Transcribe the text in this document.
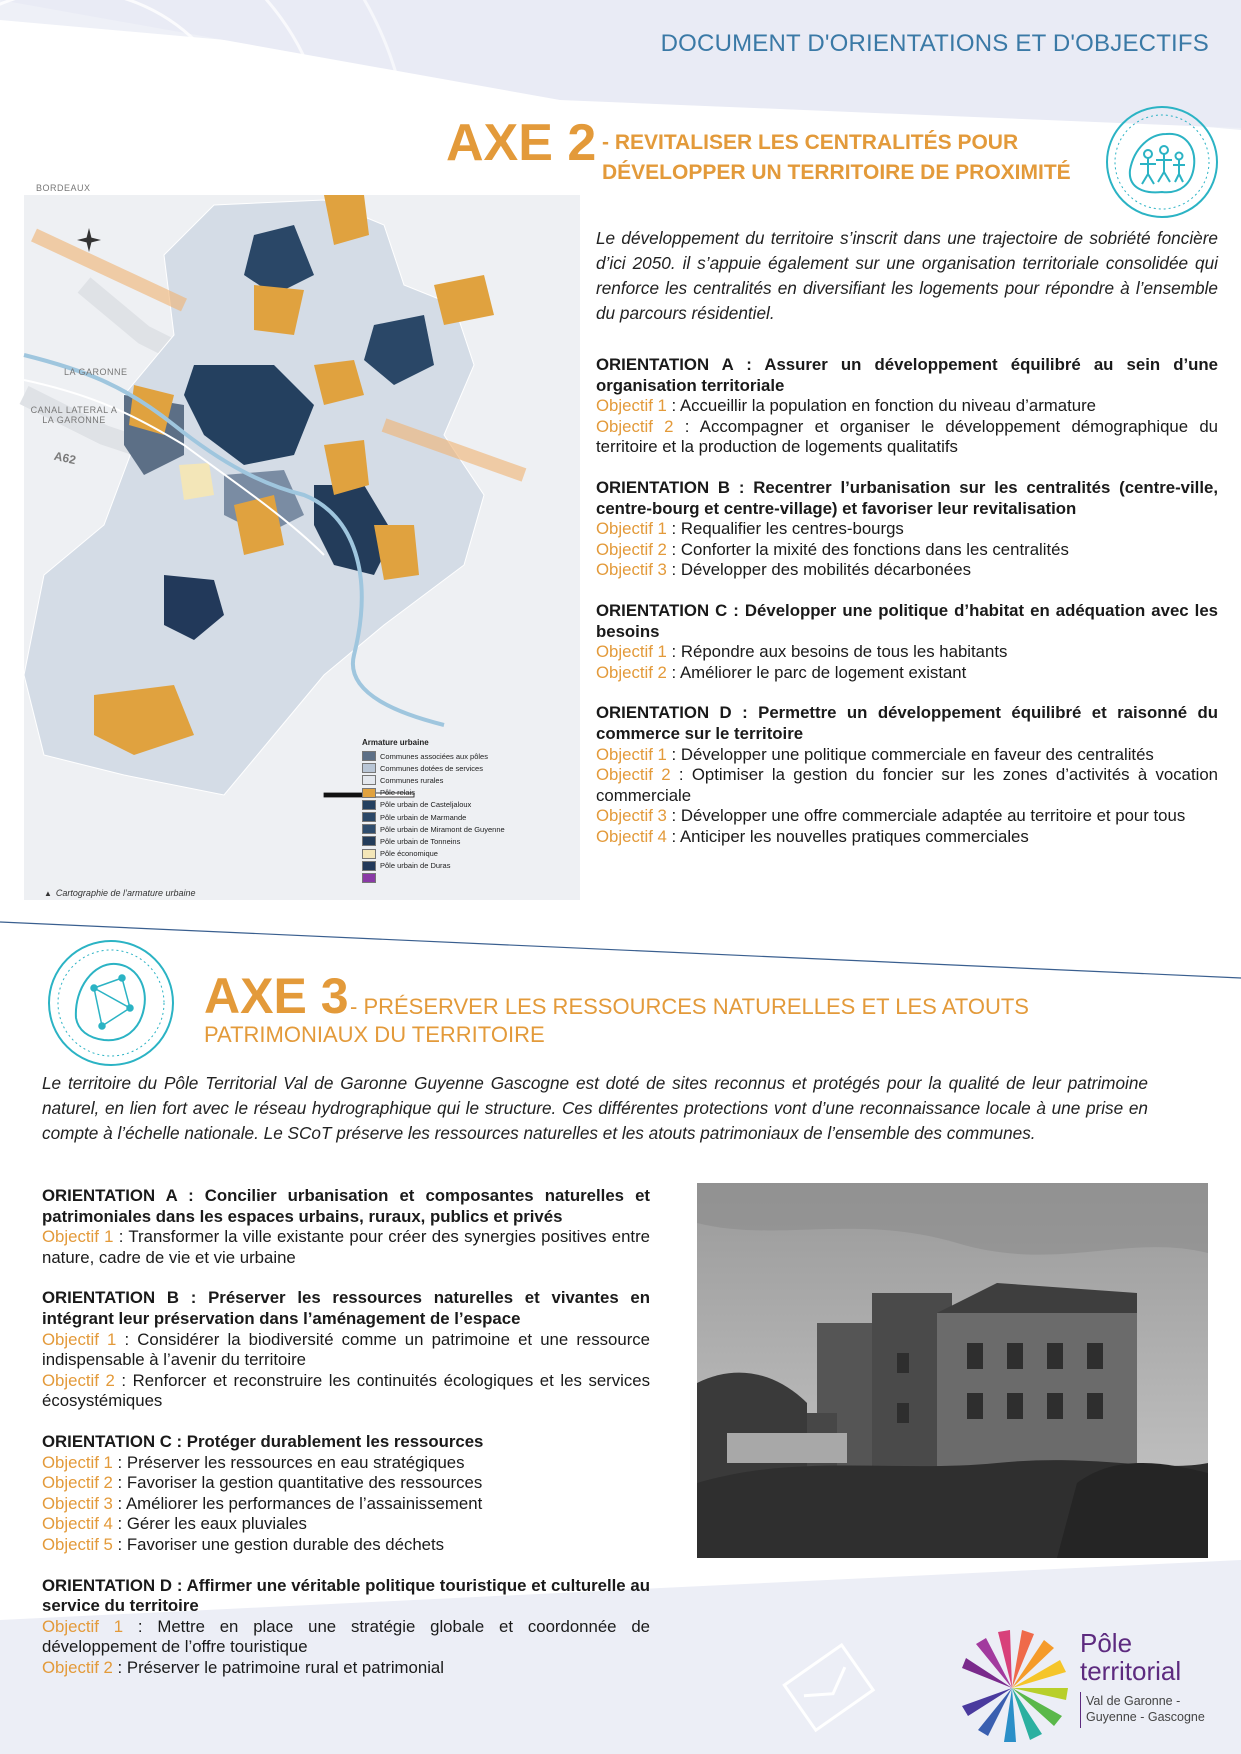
DOCUMENT D'ORIENTATIONS ET D'OBJECTIFS
AXE 2 - REVITALISER LES CENTRALITÉS POUR
DÉVELOPPER UN TERRITOIRE DE PROXIMITÉ
Le développement du territoire s’inscrit dans une trajectoire de sobriété foncière d’ici 2050. il s’appuie également sur une organisation territoriale consolidée qui renforce les centralités en diversifiant les logements pour répondre à l’ensemble du parcours résidentiel.

ORIENTATION A : Assurer un développement équilibré au sein d’une organisation territoriale

Objectif 1 : Accueillir la population en fonction du niveau d’armature

Objectif 2 : Accompagner et organiser le développement démographique du territoire et la production de logements qualitatifs

ORIENTATION B : Recentrer l’urbanisation sur les centralités (centre-ville, centre-bourg et centre-village) et favoriser leur revitalisation

Objectif 1 : Requalifier les centres-bourgs

Objectif 2 : Conforter la mixité des fonctions dans les centralités

Objectif 3 : Développer des mobilités décarbonées

ORIENTATION C : Développer une politique d’habitat en adéquation avec les besoins

Objectif 1 : Répondre aux besoins de tous les habitants

Objectif 2 : Améliorer le parc de logement existant

ORIENTATION D : Permettre un développement équilibré et raisonné du commerce sur le territoire

Objectif 1 : Développer une politique commerciale en faveur des centralités

Objectif 2 : Optimiser la gestion du foncier sur les zones d’activités à vocation commerciale

Objectif 3 : Développer une offre commerciale adaptée au territoire et pour tous

Objectif 4 : Anticiper les nouvelles pratiques commerciales

BORDEAUX
LA GARONNE
CANAL LATERAL A LA GARONNE
A62
Armature urbaine
Communes associées aux pôles
Communes dotées de services
Communes rurales
Pôle relais
Pôle urbain de Casteljaloux
Pôle urbain de Marmande
Pôle urbain de Miramont de Guyenne
Pôle urbain de Tonneins
Pôle économique
Pôle urbain de Duras
▲ Cartographie de l’armature urbaine
AXE 3 - PRÉSERVER LES RESSOURCES NATURELLES ET LES ATOUTS
PATRIMONIAUX DU TERRITOIRE
Le territoire du Pôle Territorial Val de Garonne Guyenne Gascogne est doté de sites reconnus et protégés pour la qualité de leur patrimoine naturel, en lien fort avec le réseau hydrographique qui le structure. Ces différentes protections vont d’une reconnaissance locale à une prise en compte à l’échelle nationale. Le SCoT préserve les ressources naturelles et les atouts patrimoniaux de l’ensemble des communes.

ORIENTATION A : Concilier urbanisation et composantes naturelles et patrimoniales dans les espaces urbains, ruraux, publics et privés

Objectif 1 : Transformer la ville existante pour créer des synergies positives entre nature, cadre de vie et vie urbaine

ORIENTATION B : Préserver les ressources naturelles et vivantes en intégrant leur préservation dans l’aménagement de l’espace

Objectif 1 : Considérer la biodiversité comme un patrimoine et une ressource indispensable à l’avenir du territoire

Objectif 2 : Renforcer et reconstruire les continuités écologiques et les services écosystémiques

ORIENTATION C : Protéger durablement les ressources

Objectif 1 : Préserver les ressources en eau stratégiques

Objectif 2 : Favoriser la gestion quantitative des ressources

Objectif 3 : Améliorer les performances de l’assainissement

Objectif 4 : Gérer les eaux pluviales

Objectif 5 : Favoriser une gestion durable des déchets

ORIENTATION D : Affirmer une véritable politique touristique et culturelle au service du territoire

Objectif 1 : Mettre en place une stratégie globale et coordonnée de développement de l’offre touristique

Objectif 2 : Préserver le patrimoine rural et patrimonial

Pôle
territorial
Val de Garonne -
Guyenne - Gascogne
